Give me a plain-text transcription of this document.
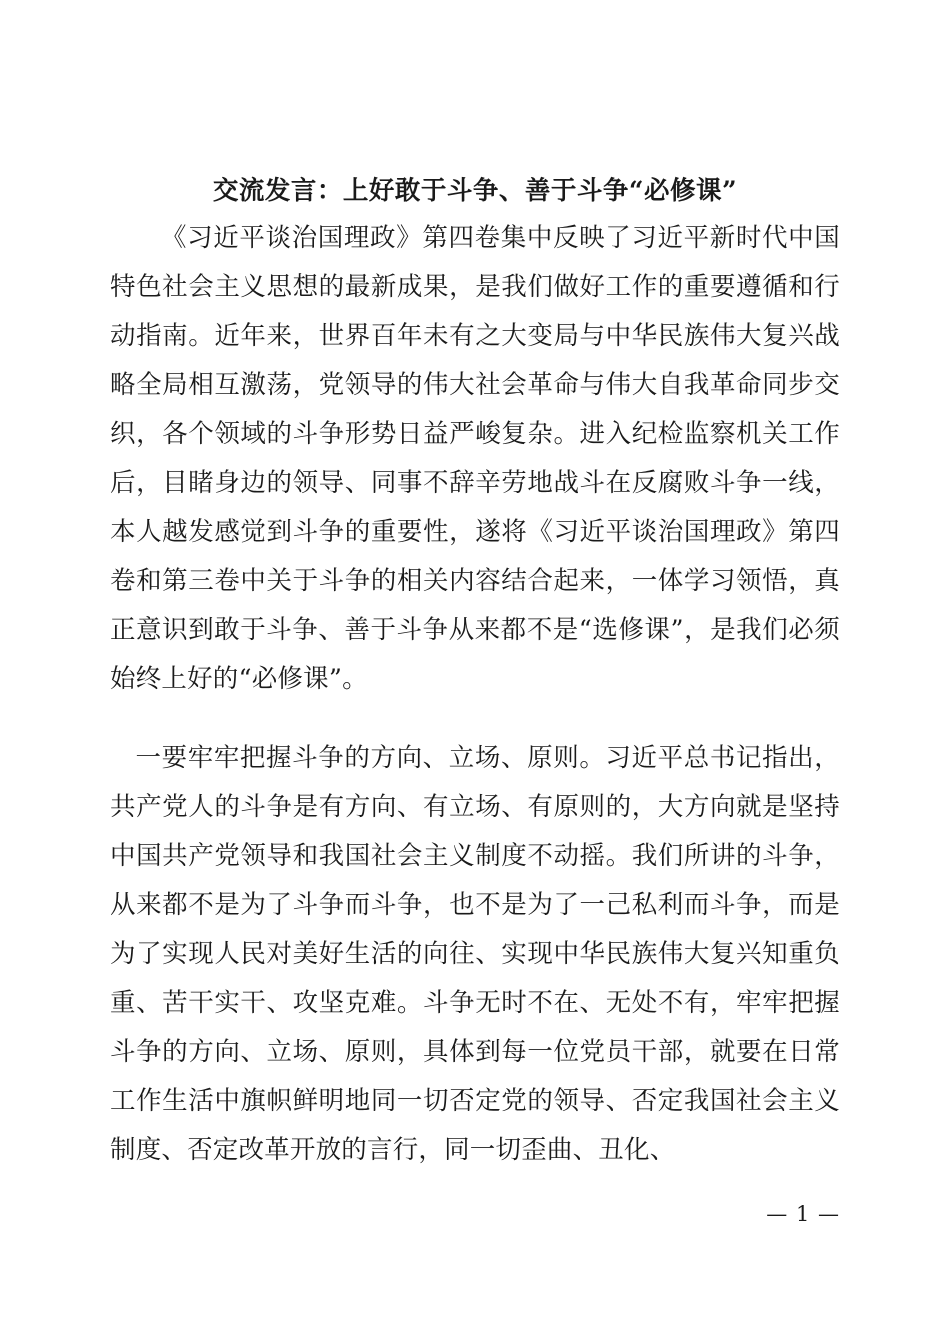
交流发言：上好敢于斗争、善于斗争“必修课”

《习近平谈治国理政》第四卷集中反映了习近平新时代中国特色社会主义思想的最新成果，是我们做好工作的重要遵循和行动指南。近年来，世界百年未有之大变局与中华民族伟大复兴战略全局相互激荡，党领导的伟大社会革命与伟大自我革命同步交织，各个领域的斗争形势日益严峻复杂。进入纪检监察机关工作后，目睹身边的领导、同事不辞辛劳地战斗在反腐败斗争一线，本人越发感觉到斗争的重要性，遂将《习近平谈治国理政》第四卷和第三卷中关于斗争的相关内容结合起来，一体学习领悟，真正意识到敢于斗争、善于斗争从来都不是“选修课”，是我们必须始终上好的“必修课”。

一要牢牢把握斗争的方向、立场、原则。习近平总书记指出，共产党人的斗争是有方向、有立场、有原则的，大方向就是坚持中国共产党领导和我国社会主义制度不动摇。我们所讲的斗争，从来都不是为了斗争而斗争，也不是为了一己私利而斗争，而是为了实现人民对美好生活的向往、实现中华民族伟大复兴知重负重、苦干实干、攻坚克难。斗争无时不在、无处不有，牢牢把握斗争的方向、立场、原则，具体到每一位党员干部，就要在日常工作生活中旗帜鲜明地同一切否定党的领导、否定我国社会主义制度、否定改革开放的言行，同一切歪曲、丑化、

— 1 —
